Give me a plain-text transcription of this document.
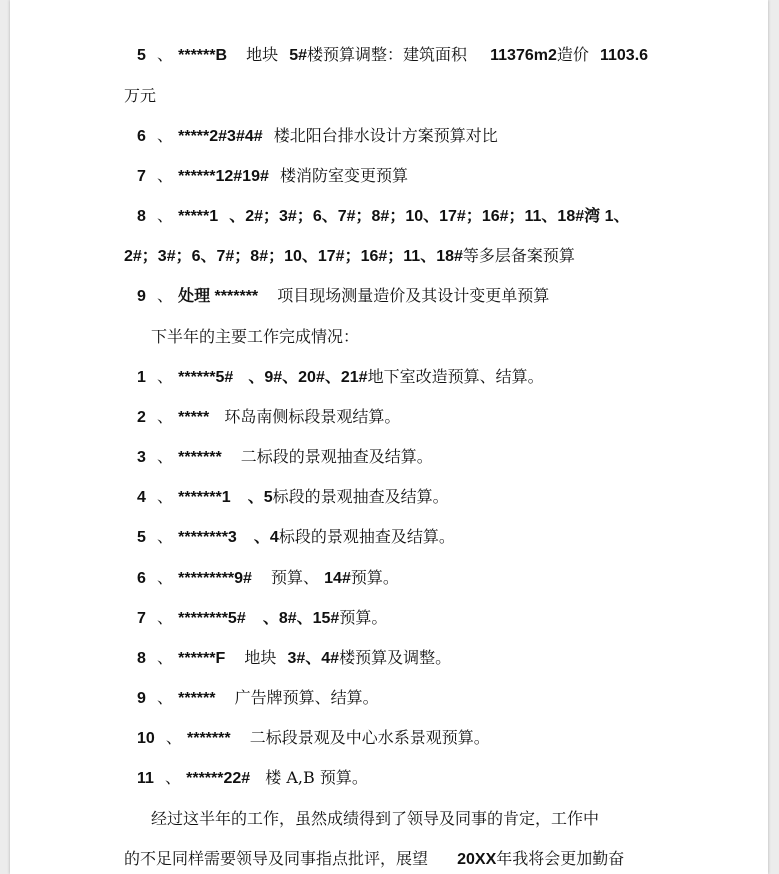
5 、 ******B 地块 5#楼预算调整：建筑面积 11376m2造价 1103.6
万元
6 、 *****2#3#4# 楼北阳台排水设计方案预算对比
7 、 ******12#19# 楼消防室变更预算
8 、 *****1 、2#；3#；6、7#；8#；10、17#；16#；11、18#湾 1、
2#；3#；6、7#；8#；10、17#；16#；11、18#等多层备案预算
9 、 处理 ******* 项目现场测量造价及其设计变更单预算
下半年的主要工作完成情况：
1 、 ******5# 、9#、20#、21#地下室改造预算、结算。
2 、 ***** 环岛南侧标段景观结算。
3 、 ******* 二标段的景观抽查及结算。
4 、 *******1 、5标段的景观抽查及结算。
5 、 ********3 、4标段的景观抽查及结算。
6 、 *********9# 预算、 14#预算。
7 、 ********5# 、8#、15#预算。
8 、 ******F 地块 3#、4#楼预算及调整。
9 、 ****** 广告牌预算、结算。
10 、 ******* 二标段景观及中心水系景观预算。
11 、 ******22# 楼 A,B 预算。
经过这半年的工作，虽然成绩得到了领导及同事的肯定，工作中
的不足同样需要领导及同事指点批评，展望 20XX年我将会更加勤奋
